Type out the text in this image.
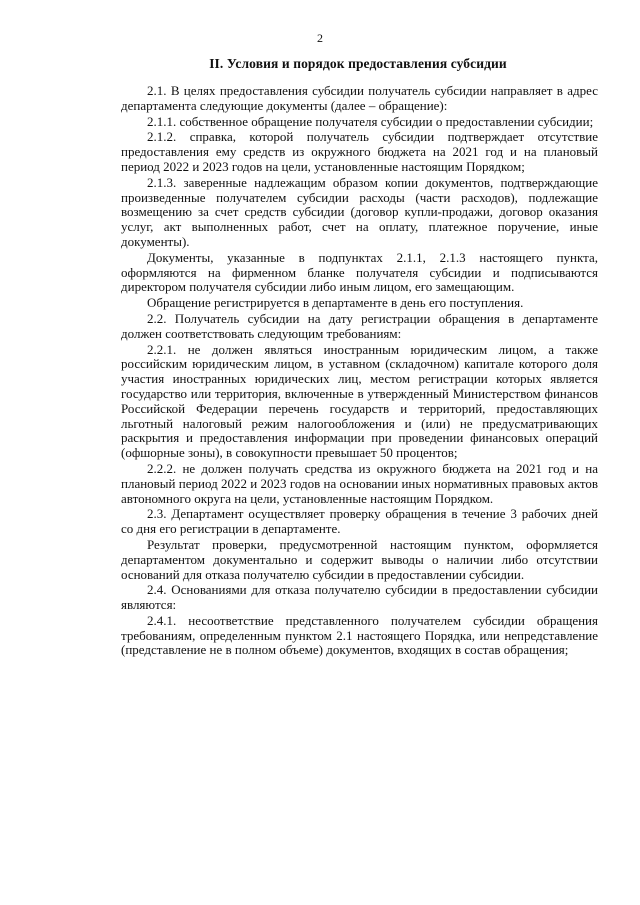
2
II. Условия и порядок предоставления субсидии

2.1. В целях предоставления субсидии получатель субсидии направляет в адрес департамента следующие документы (далее – обращение):

2.1.1. собственное обращение получателя субсидии о предоставлении субсидии;

2.1.2. справка, которой получатель субсидии подтверждает отсутствие предоставления ему средств из окружного бюджета на 2021 год и на плановый период 2022 и 2023 годов на цели, установленные настоящим Порядком;

2.1.3. заверенные надлежащим образом копии документов, подтверждающие произведенные получателем субсидии расходы (части расходов), подлежащие возмещению за счет средств субсидии (договор купли-продажи, договор оказания услуг, акт выполненных работ, счет на оплату, платежное поручение, иные документы).

Документы, указанные в подпунктах 2.1.1, 2.1.3 настоящего пункта, оформляются на фирменном бланке получателя субсидии и подписываются директором получателя субсидии либо иным лицом, его замещающим.

Обращение регистрируется в департаменте в день его поступления.

2.2. Получатель субсидии на дату регистрации обращения в департаменте должен соответствовать следующим требованиям:

2.2.1. не должен являться иностранным юридическим лицом, а также российским юридическим лицом, в уставном (складочном) капитале которого доля участия иностранных юридических лиц, местом регистрации которых является государство или территория, включенные в утвержденный Министерством финансов Российской Федерации перечень государств и территорий, предоставляющих льготный налоговый режим налогообложения и (или) не предусматривающих раскрытия и предоставления информации при проведении финансовых операций (офшорные зоны), в совокупности превышает 50 процентов;

2.2.2. не должен получать средства из окружного бюджета на 2021 год и на плановый период 2022 и 2023 годов на основании иных нормативных правовых актов автономного округа на цели, установленные настоящим Порядком.

2.3. Департамент осуществляет проверку обращения в течение 3 рабочих дней со дня его регистрации в департаменте.

Результат проверки, предусмотренной настоящим пунктом, оформляется департаментом документально и содержит выводы о наличии либо отсутствии оснований для отказа получателю субсидии в предоставлении субсидии.

2.4. Основаниями для отказа получателю субсидии в предоставлении субсидии являются:

2.4.1. несоответствие представленного получателем субсидии обращения требованиям, определенным пунктом 2.1 настоящего Порядка, или непредставление (представление не в полном объеме) документов, входящих в состав обращения;
